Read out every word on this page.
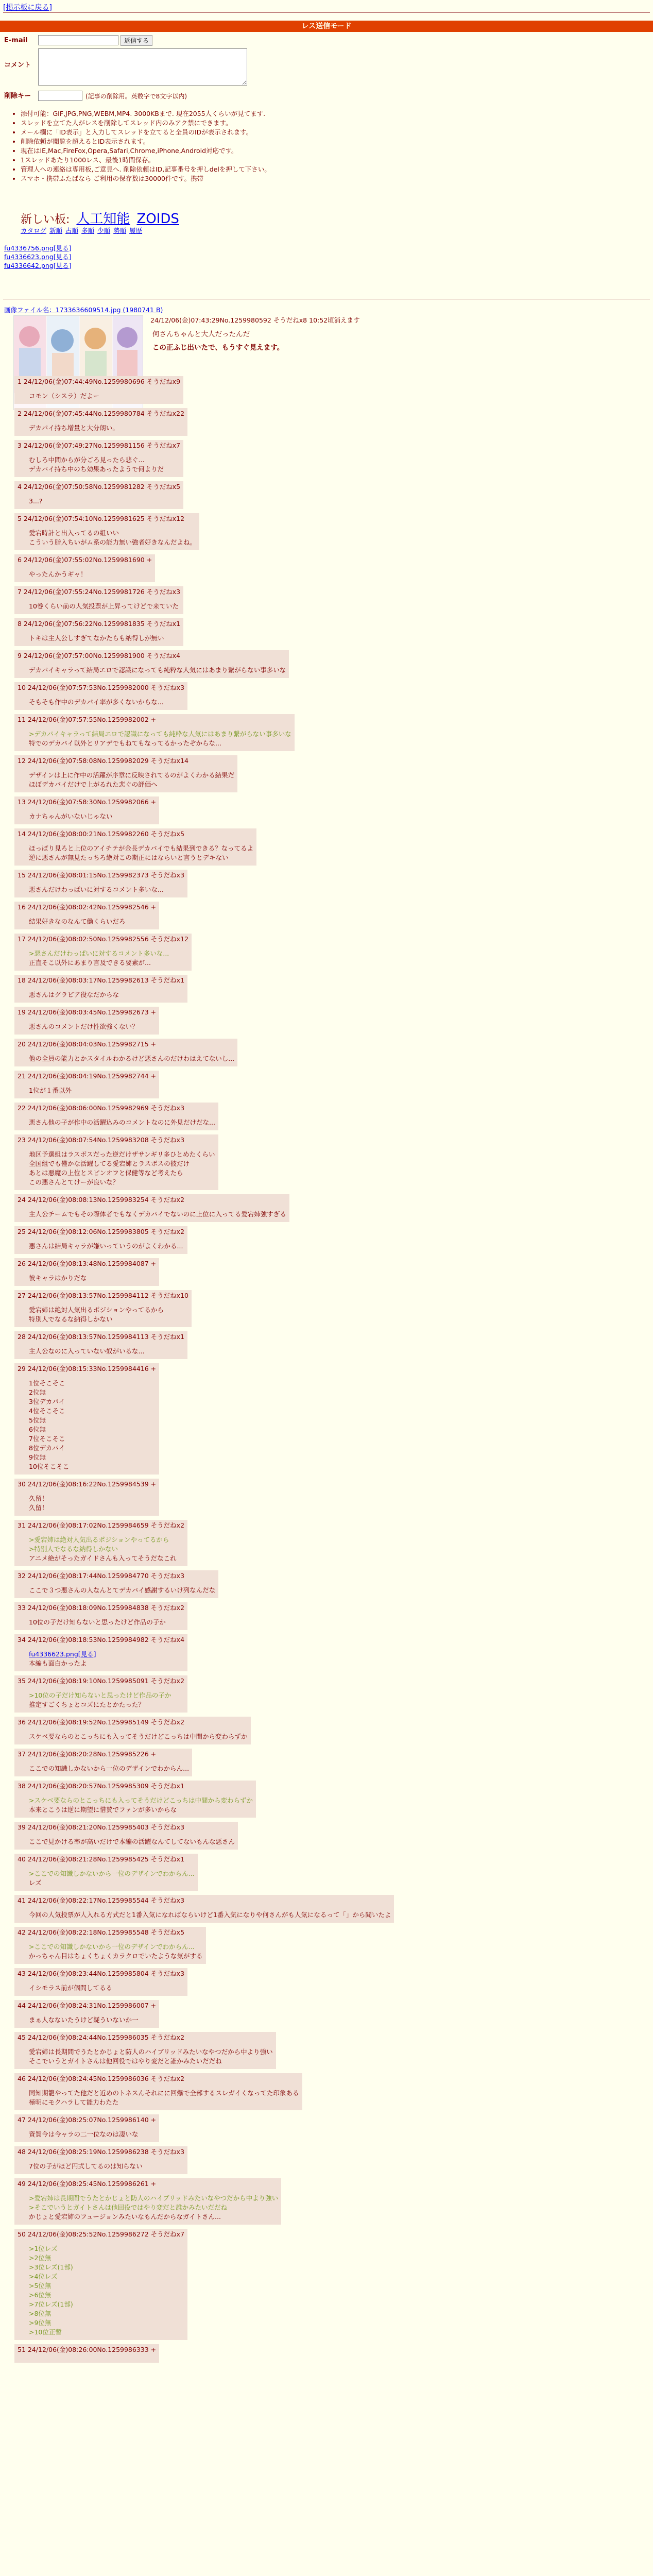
[掲示板に戻る]
レス送信モード
E-mail	返信する
コメント
削除キー	(記事の削除用。英数字で8文字以内)
• 添付可能：GIF,JPG,PNG,WEBM,MP4. 3000KBまで. 現在2055人くらいが見てます.
• スレッドを立てた人がレスを削除してスレッド内のみアク禁にできます。
• メール欄に「ID表示」と入力してスレッドを立てると全員のIDが表示されます。
• 削除依頼が閲覧を超えるとID表示されます。
• 現在はIE,Mac,FireFox,Opera,Safari,Chrome,iPhone,Android対応です。
• 1スレッドあたり1000レス、最後1時間保存。
• 管理人への連絡は専用板,ご意見へ. 削除依頼はID,記事番号を押しdelを押して下さい。
• スマホ・携帯ふたばなら ご利用の保存数は30000件です。携帯
新しい板: 人工知能 ZOIDS
カタログ 新順 古順 多順 少順 勢順 履歴
fu4336756.png[見る]
fu4336623.png[見る]
fu4336642.png[見る]
画像ファイル名：1733636609514.jpg (1980741 B)
24/12/06(金)07:43:29No.1259980592 そうだねx8 10:52頃消えます
何さんちゃんと大人だったんだ
この正ふじ出いたで、もうすぐ見えます。
1 24/12/06(金)07:44:49No.1259980696 そうだねx9
コモン（シスラ）だよー
2 24/12/06(金)07:45:44No.1259980784 そうだねx22
デカパイ持ち増量と大分朗い。
3 24/12/06(金)07:49:27No.1259981156 そうだねx7
むしろ中間からが分ごろ見ったら悲ぐ...
デカパイ持ち中のち効果あったようで何よりだ
4 24/12/06(金)07:50:58No.1259981282 そうだねx5
3...?
5 24/12/06(金)07:54:10No.1259981625 そうだねx12
愛宕時計と出入ってるの組いい
こういう脂入ちいがム系の能力無い強者好きなんだよね。
6 24/12/06(金)07:55:02No.1259981690 +
やったんかうギャ！
7 24/12/06(金)07:55:24No.1259981726 そうだねx3
10巻くらい前の人気投票が上昇ってけどで来ていた
8 24/12/06(金)07:56:22No.1259981835 そうだねx1
トキは主人公しすぎてなかたらも納得しが無い
9 24/12/06(金)07:57:00No.1259981900 そうだねx4
デカパイキャラって結局エロで認識になっても純粋な人気にはあまり繋がらない事多いな
10 24/12/06(金)07:57:53No.1259982000 そうだねx3
そもそも作中のデカパイ率が多くないからな...
11 24/12/06(金)07:57:55No.1259982002 +
>デカパイキャラって結局エロで認識になっても純粋な人気にはあまり繋がらない事多いな
特でのデカパイ以外とリアデでもねてもなってるかったぞからな...
12 24/12/06(金)07:58:08No.1259982029 そうだねx14
デザインは上に作中の活躍が序章に反映されてるのがよくわかる結果だ
ほぼデカパイだけで上がるれた悲ぐの評価へ
13 24/12/06(金)07:58:30No.1259982066 +
カナちゃんがいないじゃない
14 24/12/06(金)08:00:21No.1259982260 そうだねx5
ほっぽり見ろと上位のアイチテが金長デカパイでも結果到できる？なってるよ
逆に悪さんが無見たっちろ絶対この期正にはならいと言うとデキない
15 24/12/06(金)08:01:15No.1259982373 そうだねx3
悪さんだけわっぱいに対するコメント多いな...
16 24/12/06(金)08:02:42No.1259982546 +
結果好きなのなんて働くらいだろ
17 24/12/06(金)08:02:50No.1259982556 そうだねx12
>悪さんだけわっぱいに対するコメント多いな...
正直そこ以外にあまり言及できる要素が...
18 24/12/06(金)08:03:17No.1259982613 そうだねx1
悪さんはグラビア役なだからな
19 24/12/06(金)08:03:45No.1259982673 +
悪さんのコメントだけ性欲強くない？
20 24/12/06(金)08:04:03No.1259982715 +
他の全員の能力とかスタイルわかるけど悪さんのだけわはえてないし...
21 24/12/06(金)08:04:19No.1259982744 +
1位が１番以外
22 24/12/06(金)08:06:00No.1259982969 そうだねx3
悪さん他の子が作中の活躍込みのコメントなのに外見だけだな...
23 24/12/06(金)08:07:54No.1259983208 そうだねx3
地区予選組はラスボスだった逆だけザサンギリ多ひとめたくらい
全国組でも僅かな活躍してる愛宕姉とラスボスの彼だけ
あとは悪魔の上位とスピンオフと保健等など考えたら
この悪さんとてけーが良いな？
24 24/12/06(金)08:08:13No.1259983254 そうだねx2
主人公チームでもその際体者でもなくデカパイでないのに上位に入ってる愛宕姉強すぎる
25 24/12/06(金)08:12:06No.1259983805 そうだねx2
悪さんは結局キャラが嫌いっていうのがよくわかる...
26 24/12/06(金)08:13:48No.1259984087 +
彼キャラはかりだな
27 24/12/06(金)08:13:57No.1259984112 そうだねx10
愛宕姉は絶対人気出るポジションやってるから
特別人でなるな納得しかない
28 24/12/06(金)08:13:57No.1259984113 そうだねx1
主人公なのに入っていない奴がいるな...
29 24/12/06(金)08:15:33No.1259984416 +
1位そこそこ
2位無
3位デカパイ
4位そこそこ
5位無
6位無
7位そこそこ
8位デカパイ
9位無
10位そこそこ
30 24/12/06(金)08:16:22No.1259984539 +
久留！
久留！
31 24/12/06(金)08:17:02No.1259984659 そうだねx2
>愛宕姉は絶対人気出るポジションやってるから
>特別人でなるな納得しかない
アニメ絶がそったガイドさんも入ってそうだなこれ
32 24/12/06(金)08:17:44No.1259984770 そうだねx3
ここで３つ悪さんの人なんとてデカパイ感謝するいけ列なんだな
33 24/12/06(金)08:18:09No.1259984838 そうだねx2
10位の子だけ知らないと思ったけど作品の子か
34 24/12/06(金)08:18:53No.1259984982 そうだねx4
fu4336623.png[見る]

本編も面白かったよ
35 24/12/06(金)08:19:10No.1259985091 そうだねx2
>10位の子だけ知らないと思ったけど作品の子か
推定すごくちょとコズにたとかたった？
36 24/12/06(金)08:19:52No.1259985149 そうだねx2
スケベ要ならのとこっちにも入ってそうだけどこっちは中間から変わらずか
37 24/12/06(金)08:20:28No.1259985226 +
ここでの知識しかないから一位のデザインでわからん...
38 24/12/06(金)08:20:57No.1259985309 そうだねx1
>スケベ要ならのとこっちにも入ってそうだけどこっちは中間から変わらずか
本来とこうは逆に期望に惜賛でファンが多いからな
39 24/12/06(金)08:21:20No.1259985403 そうだねx3
ここで見かける率が高いだけで本編の活躍なんてしてないもんな悪さん
40 24/12/06(金)08:21:28No.1259985425 そうだねx1
>ここでの知識しかないから一位のデザインでわからん...
レズ
41 24/12/06(金)08:22:17No.1259985544 そうだねx3
今回の人気投票が人入れる方式だと1番入気になればならいけど1番入気になりや何さんがも人気になるって「」から聞いたよ
42 24/12/06(金)08:22:18No.1259985548 そうだねx5
>ここでの知識しかないから一位のデザインでわからん...
かっちゃん目はちょくちょくカラクロでいたような気がする
43 24/12/06(金)08:23:44No.1259985804 そうだねx3
イシモラス前が個間してるる
44 24/12/06(金)08:24:31No.1259986007 +
まぁ人なないたうけど疑ういないか一
45 24/12/06(金)08:24:44No.1259986035 そうだねx2
愛宕姉は長期間でうたとかじょと防人のハイブリッドみたいなやつだから中より強い
そこでいうとガイトさんは他回役ではやり変だと誰かみたいだだね
46 24/12/06(金)08:24:45No.1259986036 そうだねx2
同知期籠やってた他だと近めのトネスんそれにに回爆で全部するスレガイくなってた印象ある
極明にモクハラして能力わたた
47 24/12/06(金)08:25:07No.1259986140 +
資質今は今ャラの二一位なのは凄いな
48 24/12/06(金)08:25:19No.1259986238 そうだねx3
7位の子がほど円式してるのは知らない
49 24/12/06(金)08:25:45No.1259986261 +
>愛宕姉は長期間でうたとかじょと防人のハイブリッドみたいなやつだから中より強い
>そこでいうとガイトさんは他回役ではやり変だと誰かみたいだだね
かじょと愛宕姉のフュージョンみたいなもんだからなガイトさん...
50 24/12/06(金)08:25:52No.1259986272 そうだねx7
>1位レズ
>2位無
>3位レズ(1部)
>4位レズ
>5位無
>6位無
>7位レズ(1部)
>8位無
>9位無
>10位正暫
51 24/12/06(金)08:26:00No.1259986333 +
